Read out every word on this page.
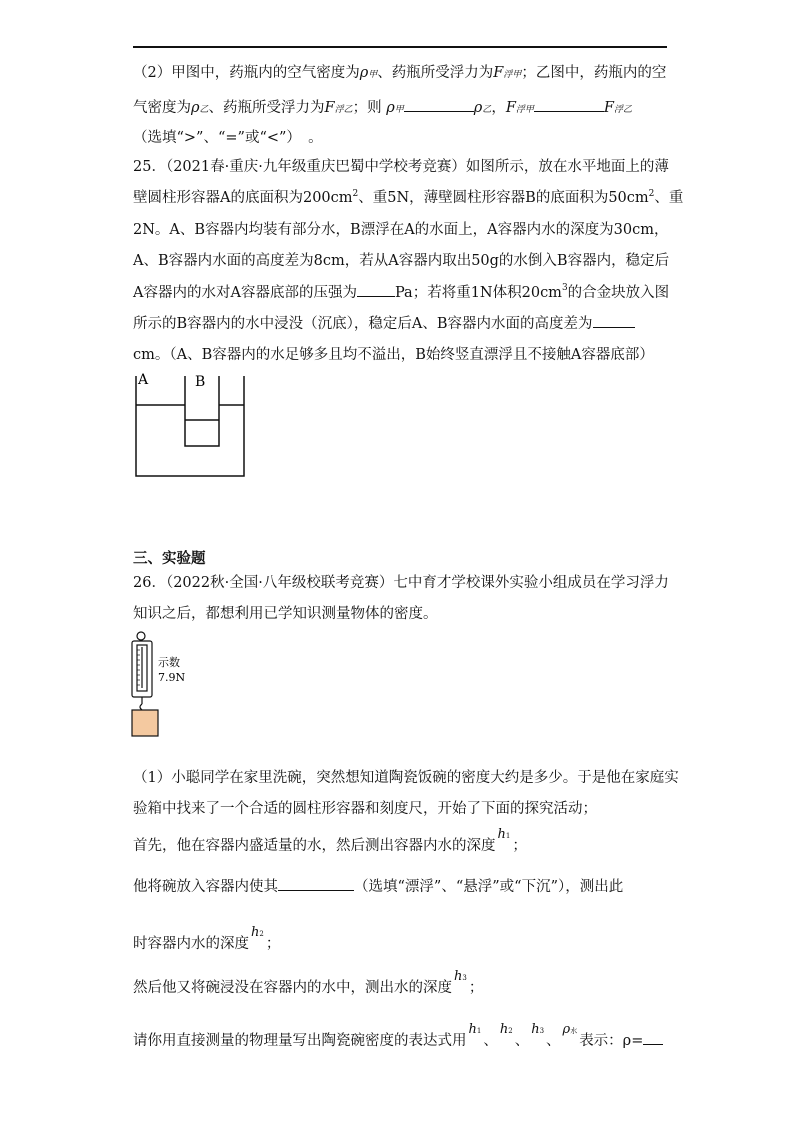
（2）甲图中，药瓶内的空气密度为ρ甲、药瓶所受浮力为F浮甲；乙图中，药瓶内的空
气密度为ρ乙、药瓶所受浮力为F浮乙；则 ρ甲	ρ乙，F浮甲	F浮乙
（选填“>”、“=”或“<”）　。
25．（2021春·重庆·九年级重庆巴蜀中学校考竞赛）如图所示，放在水平地面上的薄
壁圆柱形容器A的底面积为$200cm^2$、重5N，薄壁圆柱形容器B的底面积为$50cm^2$、重
2N。A、B容器内均装有部分水，B漂浮在A的水面上，A容器内水的深度为30cm，
A、B容器内水面的高度差为8cm，若从A容器内取出50g的水倒入B容器内，稳定后
A容器内的水对A容器底部的压强为	Pa；若将重1N体积$20cm^3$的合金块放入图
所示的B容器内的水中浸没（沉底），稳定后A、B容器内水面的高度差为
cm。（A、B容器内的水足够多且均不溢出，B始终竖直漂浮且不接触A容器底部）
A	B
三、实验题
26．（2022秋·全国·八年级校联考竞赛）七中育才学校课外实验小组成员在学习浮力
知识之后，都想利用已学知识测量物体的密度。
示数
7.9N
（1）小聪同学在家里洗碗，突然想知道陶瓷饭碗的密度大约是多少。于是他在家庭实
验箱中找来了一个合适的圆柱形容器和刻度尺，开始了下面的探究活动；
首先，他在容器内盛适量的水，然后测出容器内水的深度h1；
他将碗放入容器内使其	（选填“漂浮”、“悬浮”或“下沉”），测出此
时容器内水的深度h2；
然后他又将碗浸没在容器内的水中，测出水的深度h3；
请你用直接测量的物理量写出陶瓷碗密度的表达式用h1、h2、h3、ρ水表示：ρ=
